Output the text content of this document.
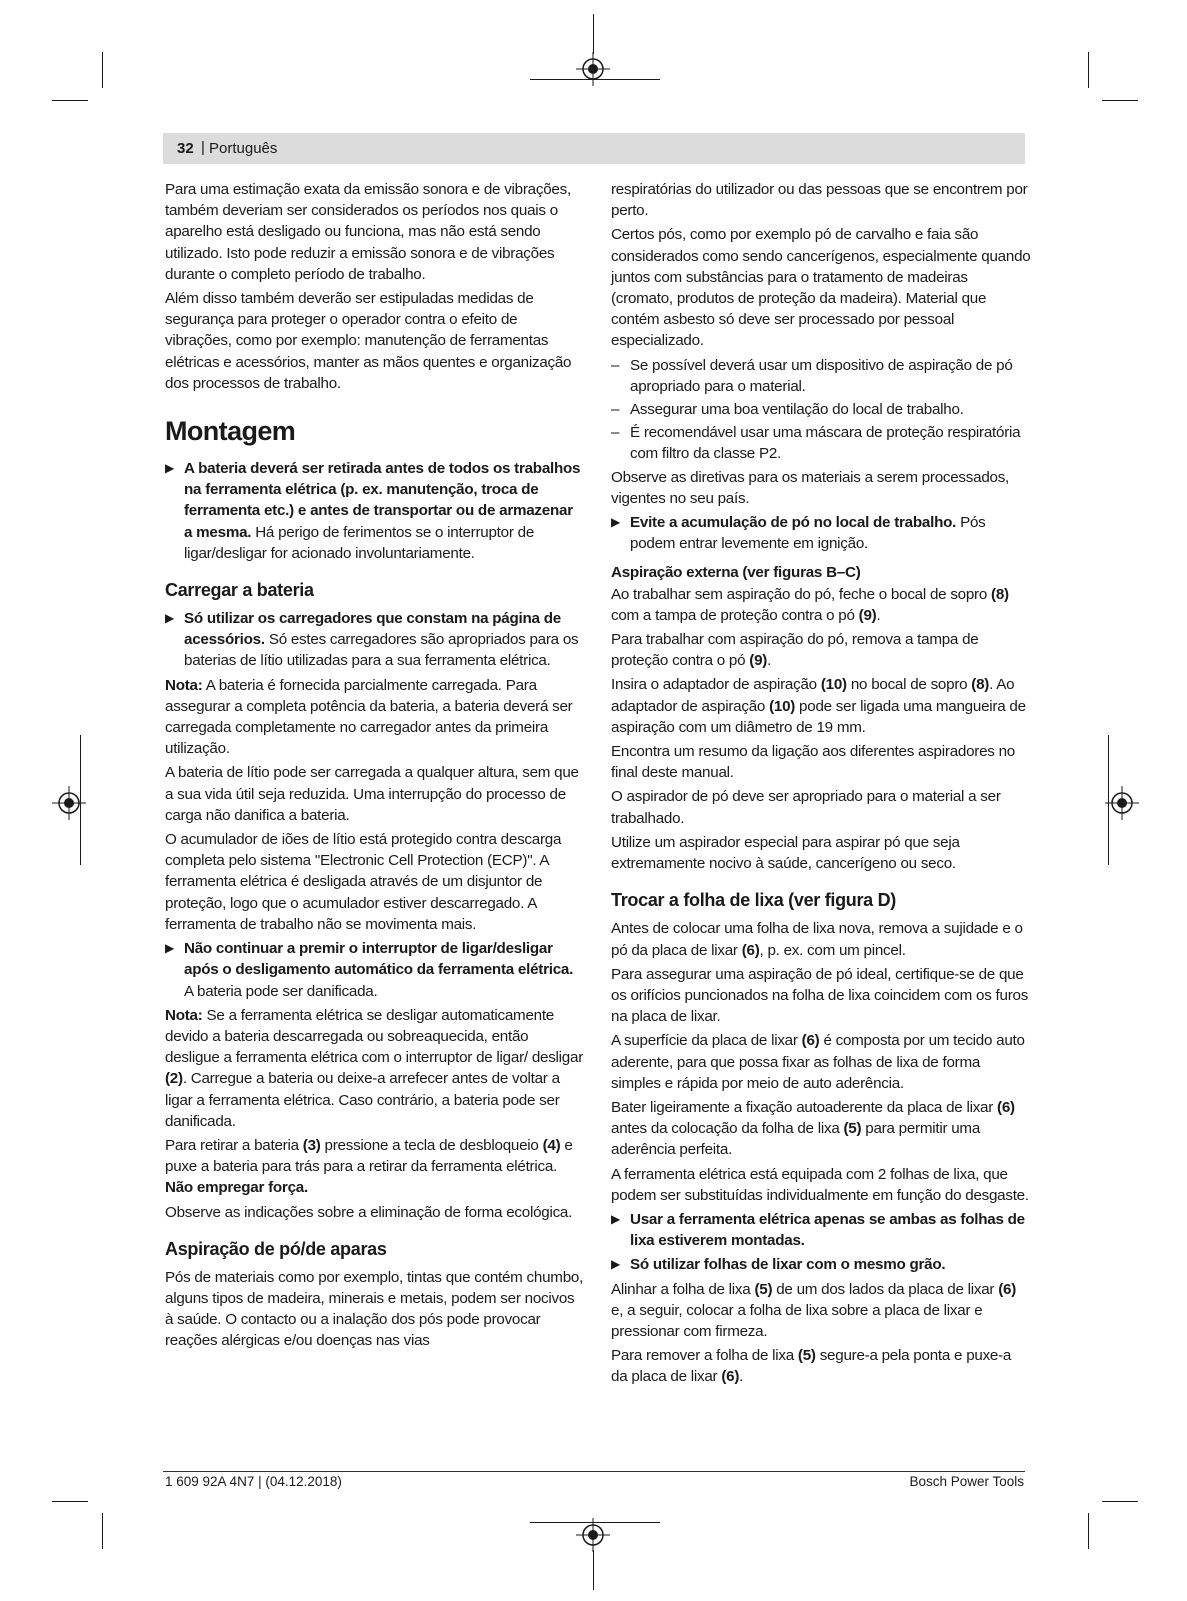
32 | Português

Para uma estimação exata da emissão sonora e de vibrações, também deveriam ser considerados os períodos nos quais o aparelho está desligado ou funciona, mas não está sendo utilizado. Isto pode reduzir a emissão sonora e de vibrações durante o completo período de trabalho.

Além disso também deverão ser estipuladas medidas de segurança para proteger o operador contra o efeito de vibrações, como por exemplo: manutenção de ferramentas elétricas e acessórios, manter as mãos quentes e organização dos processos de trabalho.

Montagem
▶ A bateria deverá ser retirada antes de todos os trabalhos na ferramenta elétrica (p. ex. manutenção, troca de ferramenta etc.) e antes de transportar ou de armazenar a mesma. Há perigo de ferimentos se o interruptor de ligar/desligar for acionado involuntariamente.
Carregar a bateria
▶ Só utilizar os carregadores que constam na página de acessórios. Só estes carregadores são apropriados para os baterias de lítio utilizadas para a sua ferramenta elétrica.

Nota: A bateria é fornecida parcialmente carregada. Para assegurar a completa potência da bateria, a bateria deverá ser carregada completamente no carregador antes da primeira utilização.

A bateria de lítio pode ser carregada a qualquer altura, sem que a sua vida útil seja reduzida. Uma interrupção do processo de carga não danifica a bateria.

O acumulador de iões de lítio está protegido contra descarga completa pelo sistema "Electronic Cell Protection (ECP)". A ferramenta elétrica é desligada através de um disjuntor de proteção, logo que o acumulador estiver descarregado. A ferramenta de trabalho não se movimenta mais.

▶ Não continuar a premir o interruptor de ligar/desligar após o desligamento automático da ferramenta elétrica. A bateria pode ser danificada.

Nota: Se a ferramenta elétrica se desligar automaticamente devido a bateria descarregada ou sobreaquecida, então desligue a ferramenta elétrica com o interruptor de ligar/ desligar (2). Carregue a bateria ou deixe-a arrefecer antes de voltar a ligar a ferramenta elétrica. Caso contrário, a bateria pode ser danificada.

Para retirar a bateria (3) pressione a tecla de desbloqueio (4) e puxe a bateria para trás para a retirar da ferramenta elétrica. Não empregar força.

Observe as indicações sobre a eliminação de forma ecológica.

Aspiração de pó/de aparas

Pós de materiais como por exemplo, tintas que contém chumbo, alguns tipos de madeira, minerais e metais, podem ser nocivos à saúde. O contacto ou a inalação dos pós pode provocar reações alérgicas e/ou doenças nas vias

respiratórias do utilizador ou das pessoas que se encontrem por perto.

Certos pós, como por exemplo pó de carvalho e faia são considerados como sendo cancerígenos, especialmente quando juntos com substâncias para o tratamento de madeiras (cromato, produtos de proteção da madeira). Material que contém asbesto só deve ser processado por pessoal especializado.

– Se possível deverá usar um dispositivo de aspiração de pó apropriado para o material.
– Assegurar uma boa ventilação do local de trabalho.
– É recomendável usar uma máscara de proteção respiratória com filtro da classe P2.

Observe as diretivas para os materiais a serem processados, vigentes no seu país.

▶ Evite a acumulação de pó no local de trabalho. Pós podem entrar levemente em ignição.
Aspiração externa (ver figuras B–C)

Ao trabalhar sem aspiração do pó, feche o bocal de sopro (8) com a tampa de proteção contra o pó (9).

Para trabalhar com aspiração do pó, remova a tampa de proteção contra o pó (9).

Insira o adaptador de aspiração (10) no bocal de sopro (8). Ao adaptador de aspiração (10) pode ser ligada uma mangueira de aspiração com um diâmetro de 19 mm.

Encontra um resumo da ligação aos diferentes aspiradores no final deste manual.

O aspirador de pó deve ser apropriado para o material a ser trabalhado.

Utilize um aspirador especial para aspirar pó que seja extremamente nocivo à saúde, cancerígeno ou seco.

Trocar a folha de lixa (ver figura D)

Antes de colocar uma folha de lixa nova, remova a sujidade e o pó da placa de lixar (6), p. ex. com um pincel.

Para assegurar uma aspiração de pó ideal, certifique-se de que os orifícios puncionados na folha de lixa coincidem com os furos na placa de lixar.

A superfície da placa de lixar (6) é composta por um tecido auto aderente, para que possa fixar as folhas de lixa de forma simples e rápida por meio de auto aderência.

Bater ligeiramente a fixação autoaderente da placa de lixar (6) antes da colocação da folha de lixa (5) para permitir uma aderência perfeita.

A ferramenta elétrica está equipada com 2 folhas de lixa, que podem ser substituídas individualmente em função do desgaste.

▶ Usar a ferramenta elétrica apenas se ambas as folhas de lixa estiverem montadas.
▶ Só utilizar folhas de lixar com o mesmo grão.

Alinhar a folha de lixa (5) de um dos lados da placa de lixar (6) e, a seguir, colocar a folha de lixa sobre a placa de lixar e pressionar com firmeza.

Para remover a folha de lixa (5) segure-a pela ponta e puxe-a da placa de lixar (6).

1 609 92A 4N7 | (04.12.2018)	Bosch Power Tools
